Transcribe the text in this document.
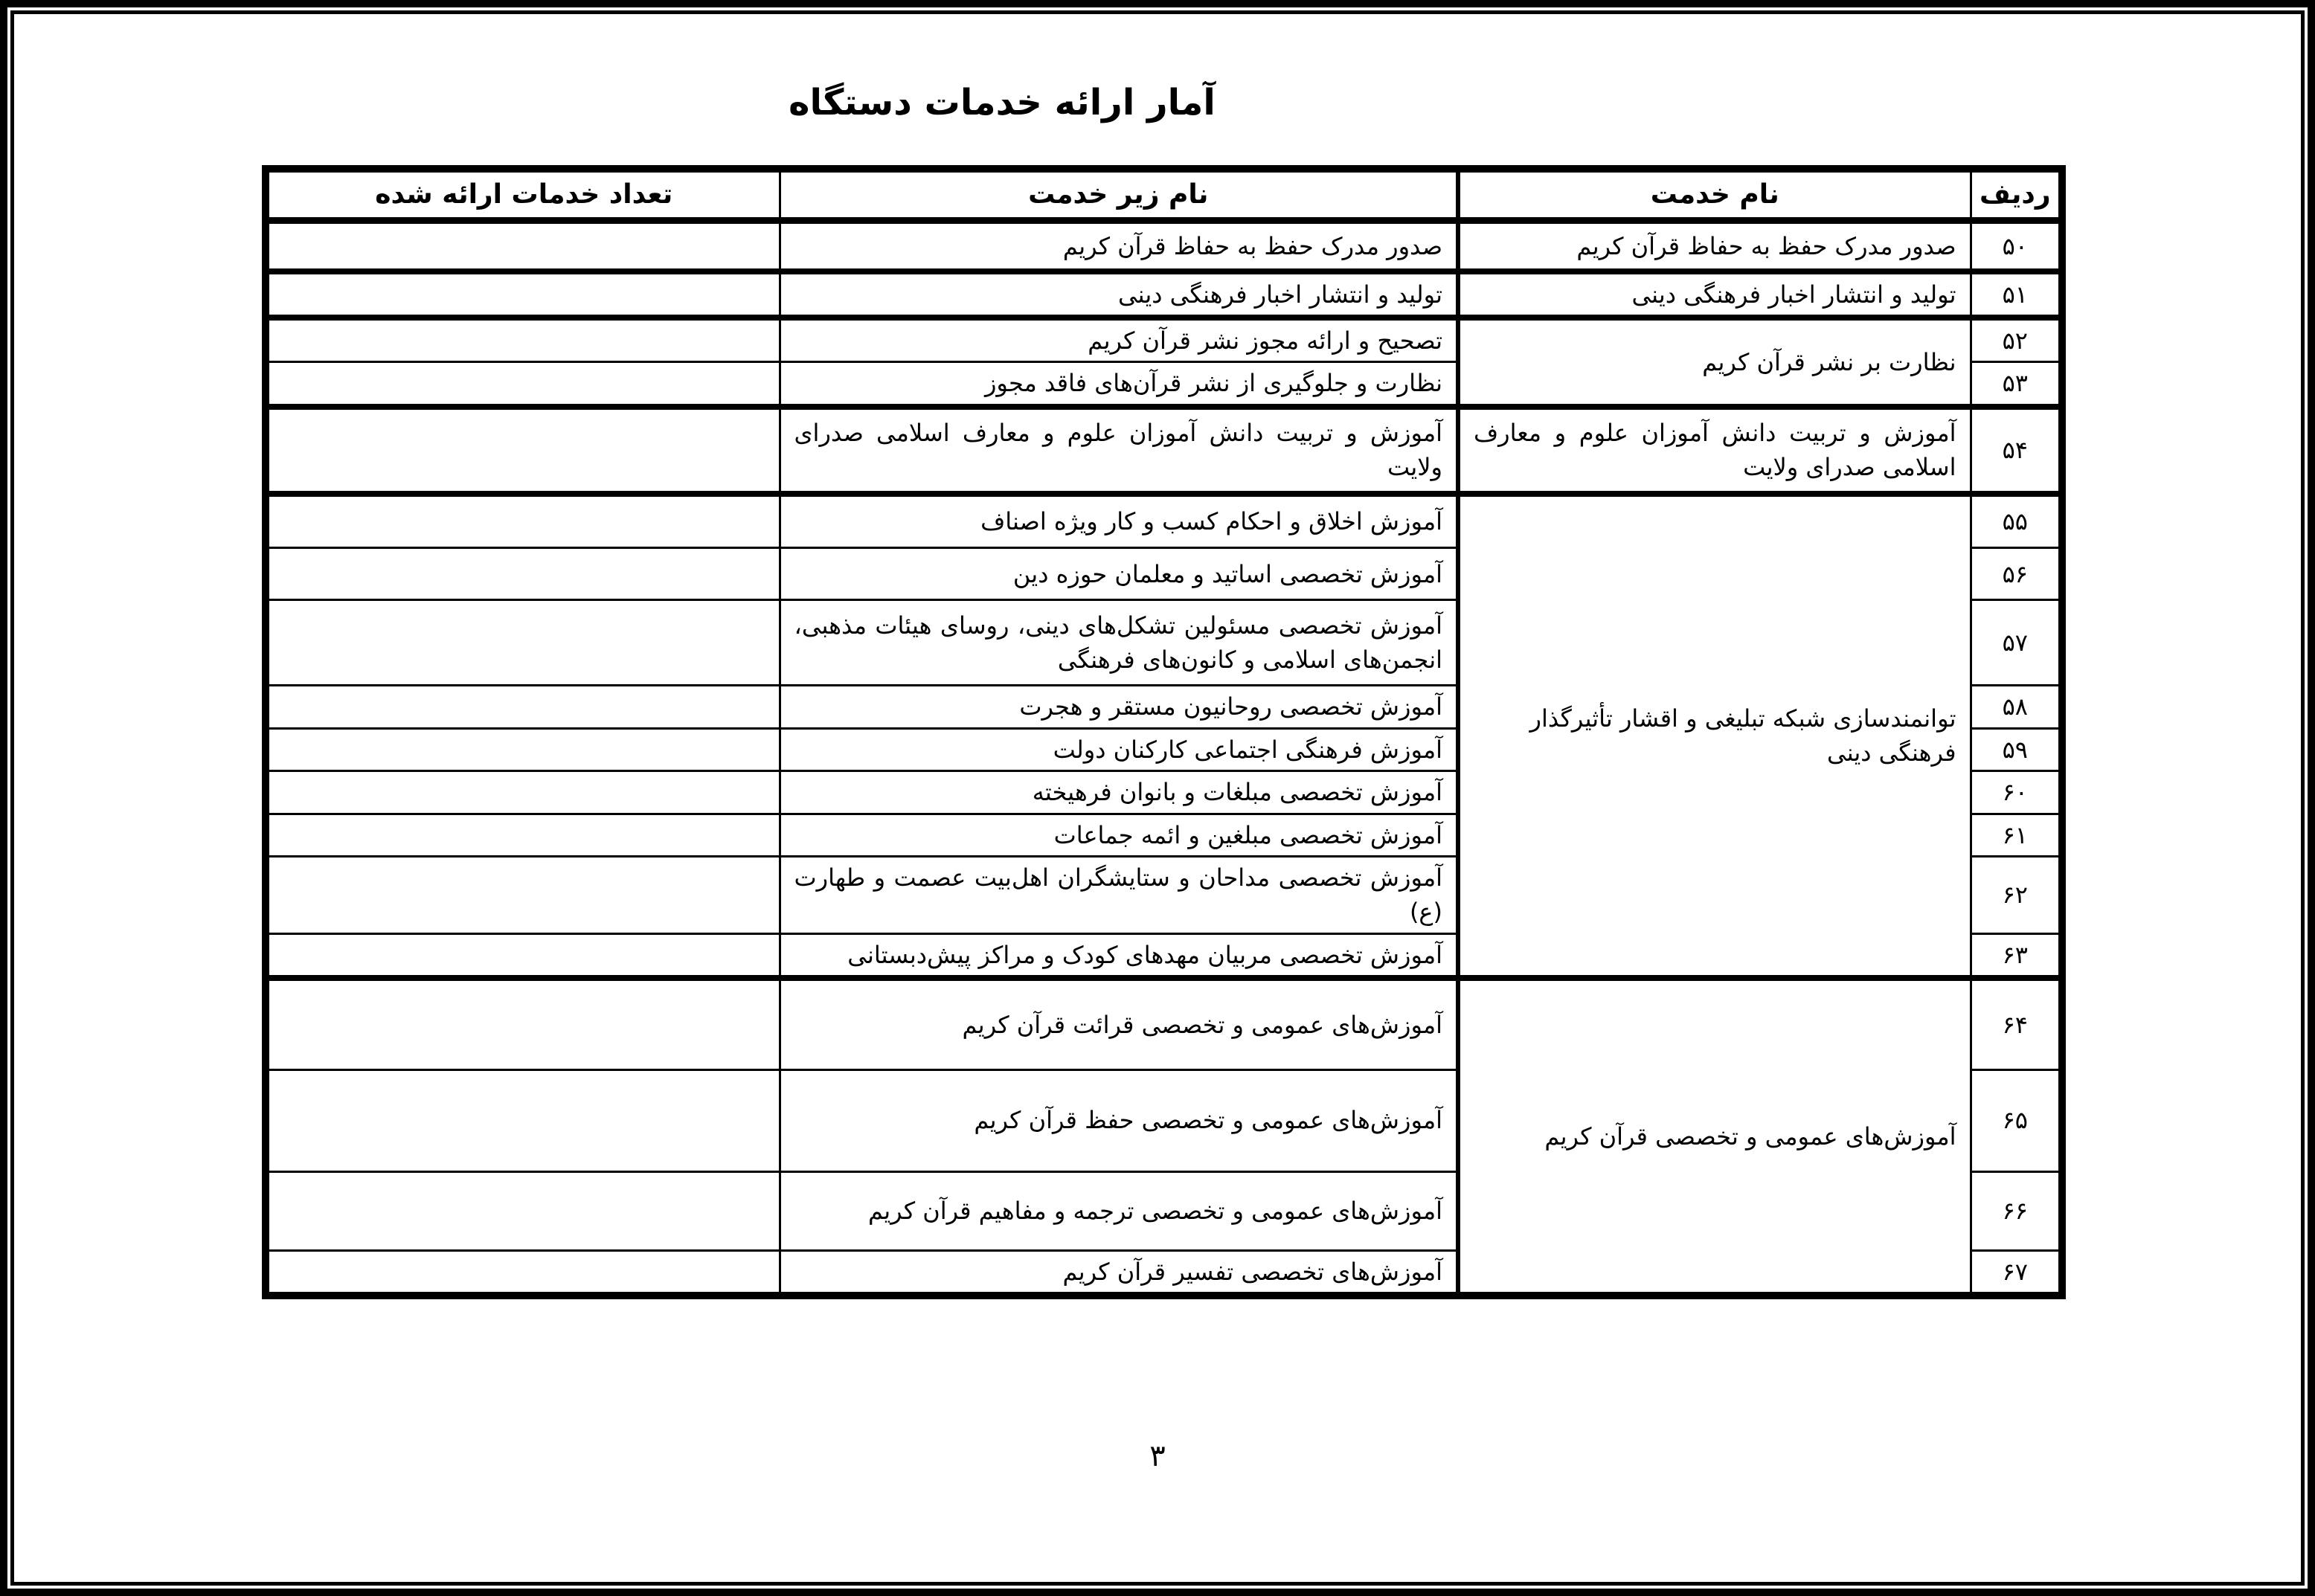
آمار ارائه خدمات دستگاه
ردیف	نام خدمت	نام زیر خدمت	تعداد خدمات ارائه شده
۵۰	صدور مدرک حفظ به حفاظ قرآن کریم	صدور مدرک حفظ به حفاظ قرآن کریم	
۵۱	تولید و انتشار اخبار فرهنگی دینی	تولید و انتشار اخبار فرهنگی دینی	
۵۲	نظارت بر نشر قرآن کریم	تصحیح و ارائه مجوز نشر قرآن کریم	
۵۳		نظارت و جلوگیری از نشر قرآن‌های فاقد مجوز	
۵۴	آموزش و تربیت دانش آموزان علوم و معارف اسلامی صدرای ولایت	آموزش و تربیت دانش آموزان علوم و معارف اسلامی صدرای ولایت	
۵۵	توانمندسازی شبکه تبلیغی و اقشار تأثیرگذار فرهنگی دینی	آموزش اخلاق و احکام کسب و کار ویژه اصناف	
۵۶		آموزش تخصصی اساتید و معلمان حوزه دین	
۵۷		آموزش تخصصی مسئولین تشکل‌های دینی، روسای هیئات مذهبی، انجمن‌های اسلامی و کانون‌های فرهنگی	
۵۸		آموزش تخصصی روحانیون مستقر و هجرت	
۵۹		آموزش فرهنگی اجتماعی کارکنان دولت	
۶۰		آموزش تخصصی مبلغات و بانوان فرهیخته	
۶۱		آموزش تخصصی مبلغین و ائمه جماعات	
۶۲		آموزش تخصصی مداحان و ستایشگران اهل‌بیت عصمت و طهارت (ع)	
۶۳		آموزش تخصصی مربیان مهدهای کودک و مراکز پیش‌دبستانی	
۶۴	آموزش‌های عمومی و تخصصی قرآن کریم	آموزش‌های عمومی و تخصصی قرائت قرآن کریم	
۶۵		آموزش‌های عمومی و تخصصی حفظ قرآن کریم	
۶۶		آموزش‌های عمومی و تخصصی ترجمه و مفاهیم قرآن کریم	
۶۷		آموزش‌های تخصصی تفسیر قرآن کریم	
۳
